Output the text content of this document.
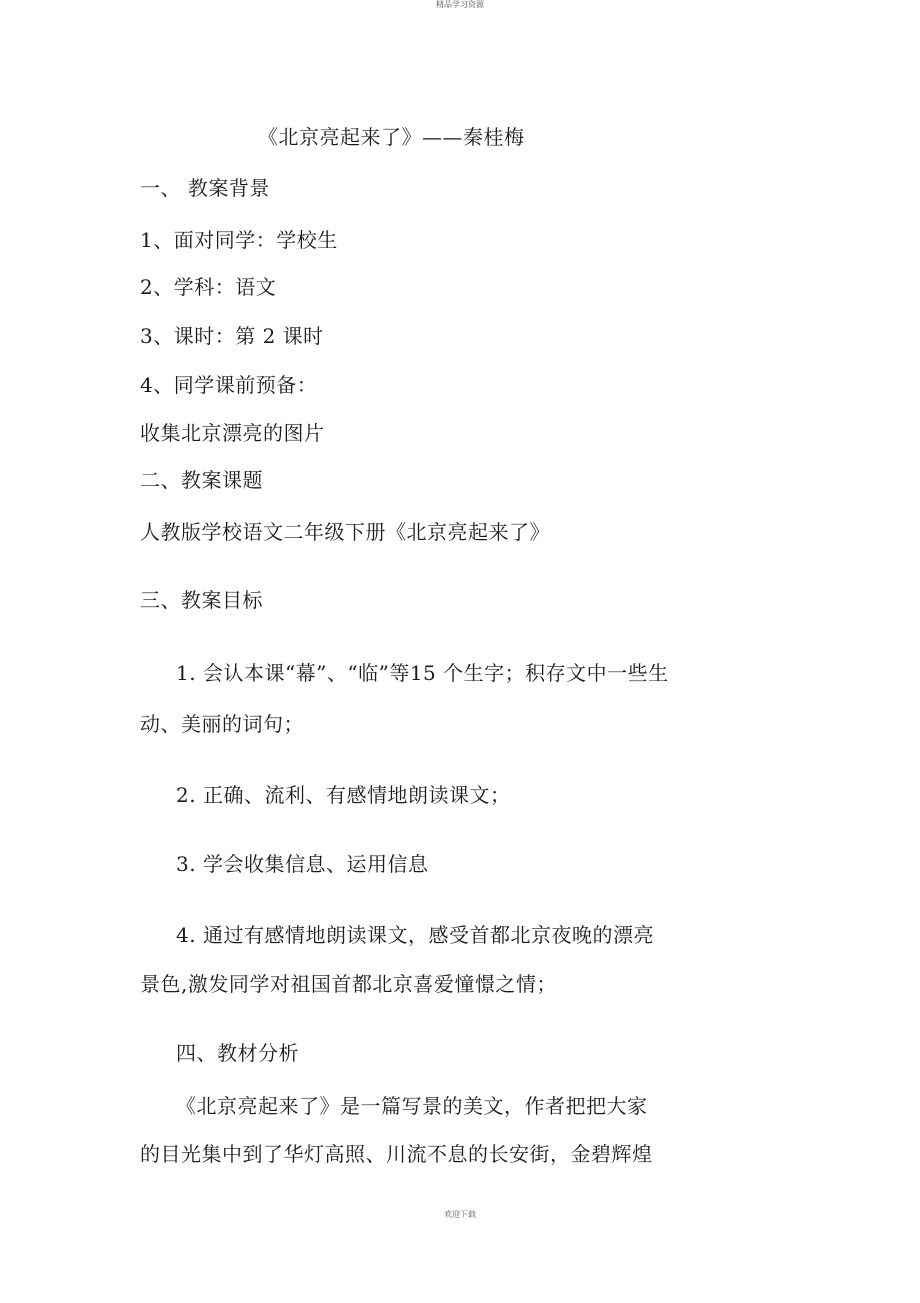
精品学习资源
《北京亮起来了》——秦桂梅
一、 教案背景
1、面对同学：学校生
2、学科：语文
3、课时：第 2 课时
4、同学课前预备：
收集北京漂亮的图片
二、教案课题
人教版学校语文二年级下册《北京亮起来了》
三、教案目标
1. 会认本课“幕”、“临”等15 个生字；积存文中一些生
动、美丽的词句；
2. 正确、流利、有感情地朗读课文；
3. 学会收集信息、运用信息
4. 通过有感情地朗读课文，感受首都北京夜晚的漂亮
景色,激发同学对祖国首都北京喜爱憧憬之情；
四、教材分析
《北京亮起来了》是一篇写景的美文，作者把把大家
的目光集中到了华灯高照、川流不息的长安街，金碧辉煌
欢迎下载
